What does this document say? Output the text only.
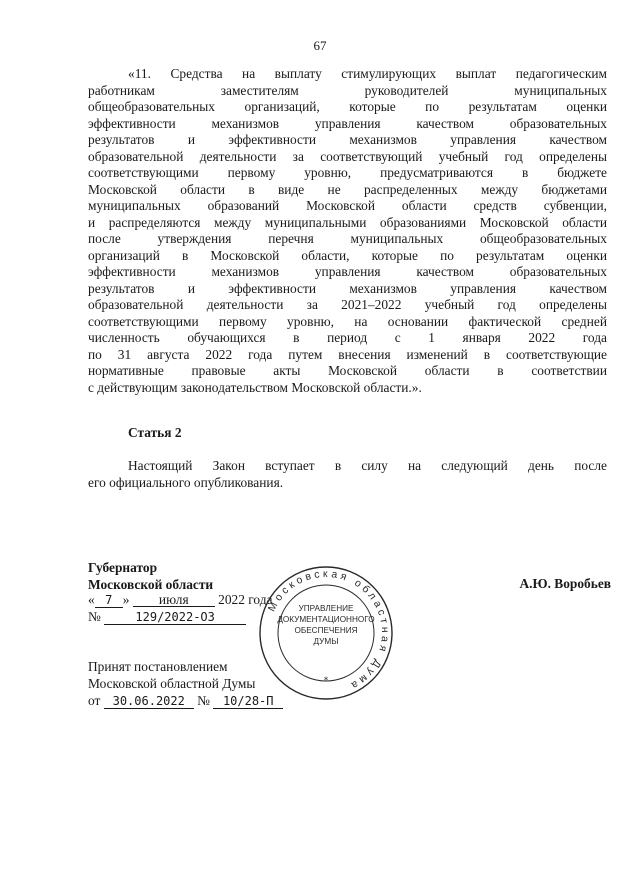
67
«11. Средства на выплату стимулирующих выплат педагогическим
работникам заместителям руководителей муниципальных
общеобразовательных организаций, которые по результатам оценки
эффективности механизмов управления качеством образовательных
результатов и эффективности механизмов управления качеством
образовательной деятельности за соответствующий учебный год определены
соответствующими первому уровню, предусматриваются в бюджете
Московской области в виде не распределенных между бюджетами
муниципальных образований Московской области средств субвенции,
и распределяются между муниципальными образованиями Московской области
после утверждения перечня муниципальных общеобразовательных
организаций в Московской области, которые по результатам оценки
эффективности механизмов управления качеством образовательных
результатов и эффективности механизмов управления качеством
образовательной деятельности за 2021–2022 учебный год определены
соответствующими первому уровню, на основании фактической средней
численность обучающихся в период с 1 января 2022 года
по 31 августа 2022 года путем внесения изменений в соответствующие
нормативные правовые акты Московской области в соответствии
с действующим законодательством Московской области.».
Статья 2
Настоящий Закон вступает в силу на следующий день после
его официального опубликования.
Губернатор
Московской области	А.Ю. Воробьев
« 7 » июля 2022 года
№	129/2022-ОЗ
Принят постановлением
Московской областной Думы
от 30.06.2022 № 10/28-П
Московская областная Дума
УПРАВЛЕНИЕ
ДОКУМЕНТАЦИОННОГО
ОБЕСПЕЧЕНИЯ
ДУМЫ
*
